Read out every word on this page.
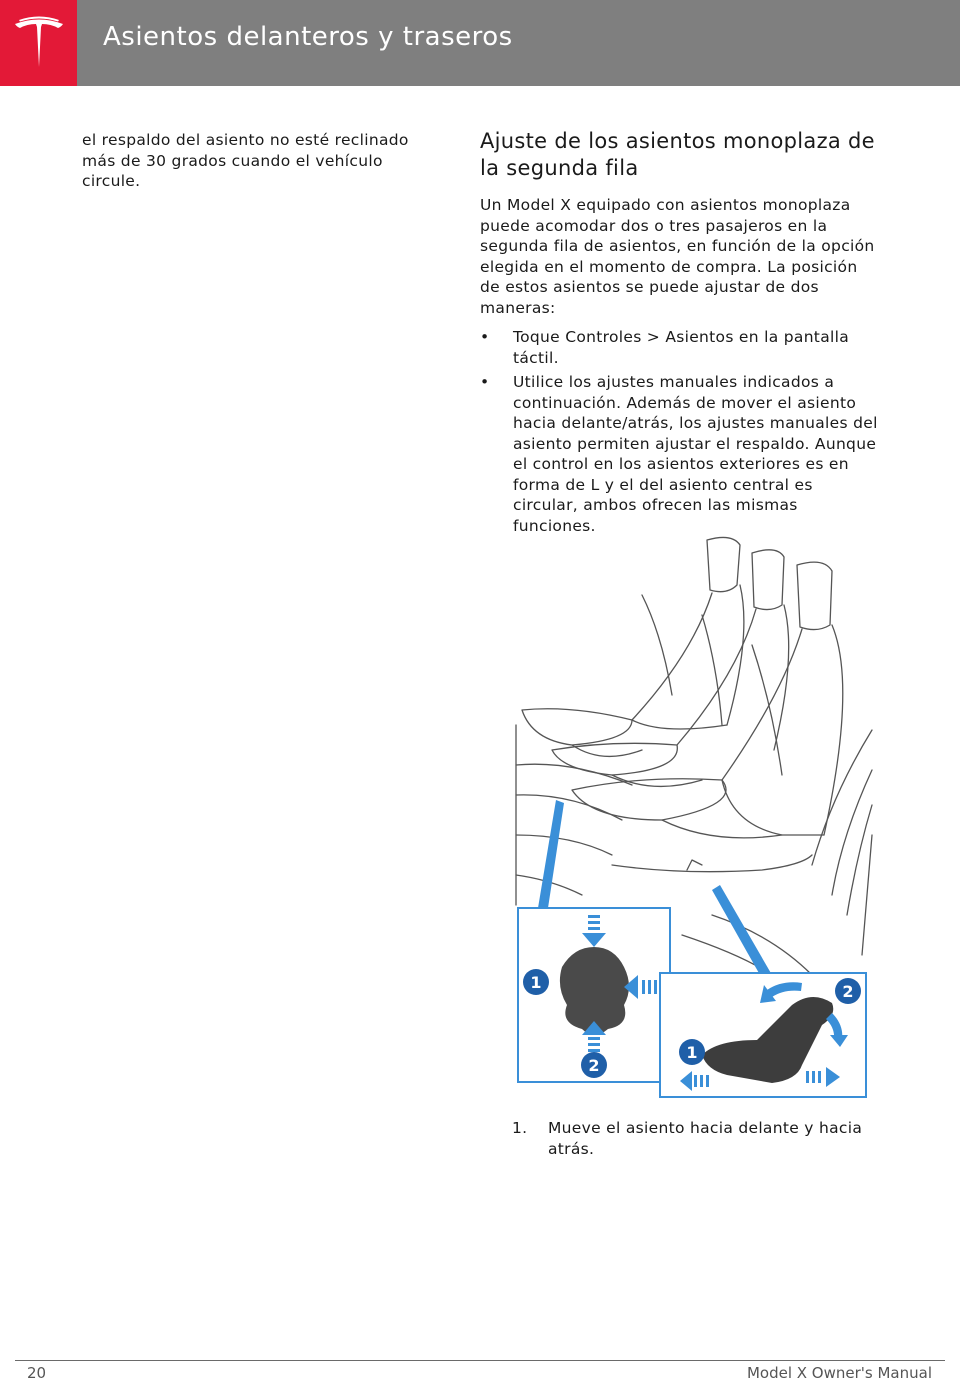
Asientos delanteros y traseros
el respaldo del asiento no esté reclinado más de 30 grados cuando el vehículo circule.
Ajuste de los asientos monoplaza de la segunda fila

Un Model X equipado con asientos monoplaza puede acomodar dos o tres pasajeros en la segunda fila de asientos, en función de la opción elegida en el momento de compra. La posición de estos asientos se puede ajustar de dos maneras:

• Toque Controles > Asientos en la pantalla táctil.
• Utilice los ajustes manuales indicados a continuación. Además de mover el asiento hacia delante/atrás, los ajustes manuales del asiento permiten ajustar el respaldo. Aunque el control en los asientos exteriores es en forma de L y el del asiento central es circular, ambos ofrecen las mismas funciones.
1
2
2
1
1. Mueve el asiento hacia delante y hacia atrás.
20	Model X Owner's Manual
